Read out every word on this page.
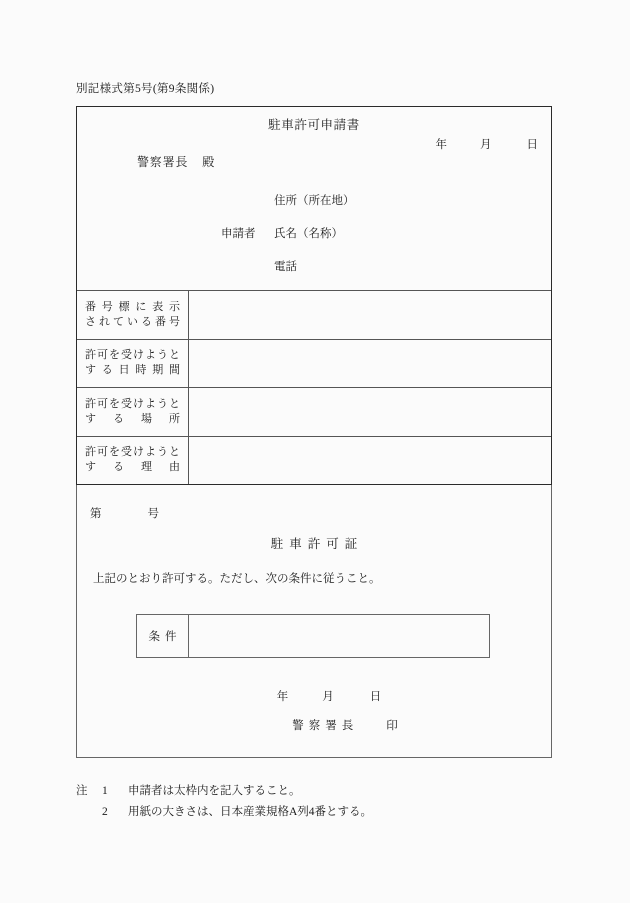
別記様式第5号(第9条関係)
駐車許可申請書
年	月	日
警察署長 殿
住所（所在地）
申請者 氏名（名称）
電話
番号標に表示
されている番号
許可を受けようと
する日時期間
許可を受けようと
する場所
許可を受けようと
する理由
第	号
駐車許可証
上記のとおり許可する。ただし、次の条件に従うこと。
条件
年	月	日
警察署長 印
注	1	申請者は太枠内を記入すること。
2	用紙の大きさは、日本産業規格A列4番とする。
